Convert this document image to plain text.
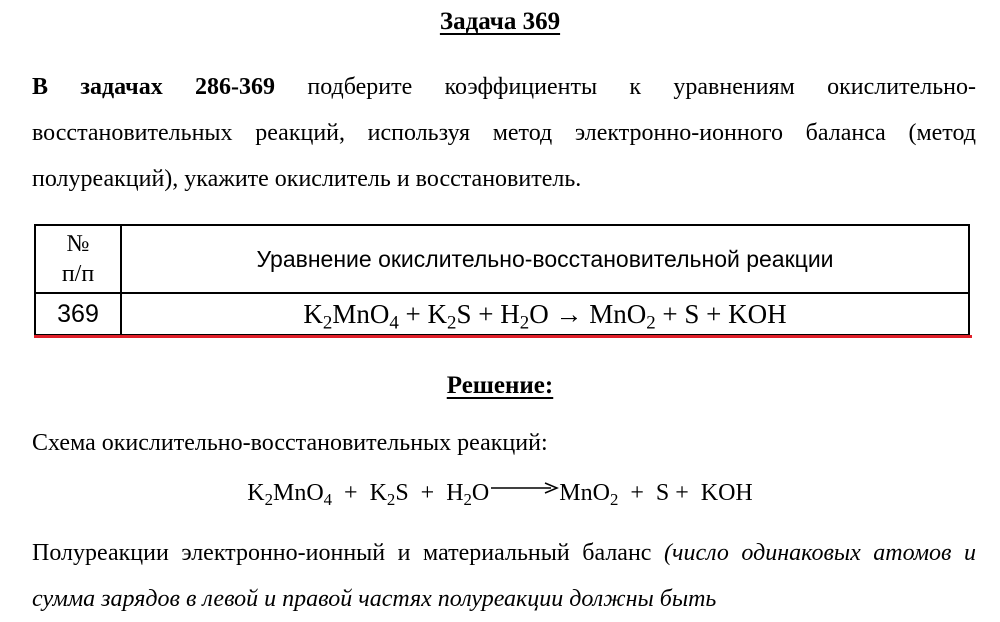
Задача 369
В задачах 286-369 подберите коэффициенты к уравнениям окислительно-восстановительных реакций, используя метод электронно-ионного баланса (метод полуреакций), укажите окислитель и восстановитель.
№
п/п	Уравнение окислительно-восстановительной реакции
369	$K_2MnO_4 + K_2S + H_2O \to MnO_2 + S$ + KOH
Решение:
Схема окислительно-восстановительных реакций:
$K_2MnO_4 + K_2S + H_2O$	MnO$_2$  +  S +  KOH
Полуреакции электронно-ионный и материальный баланс (число одинаковых атомов и сумма зарядов в левой и правой частях полуреакции должны быть
